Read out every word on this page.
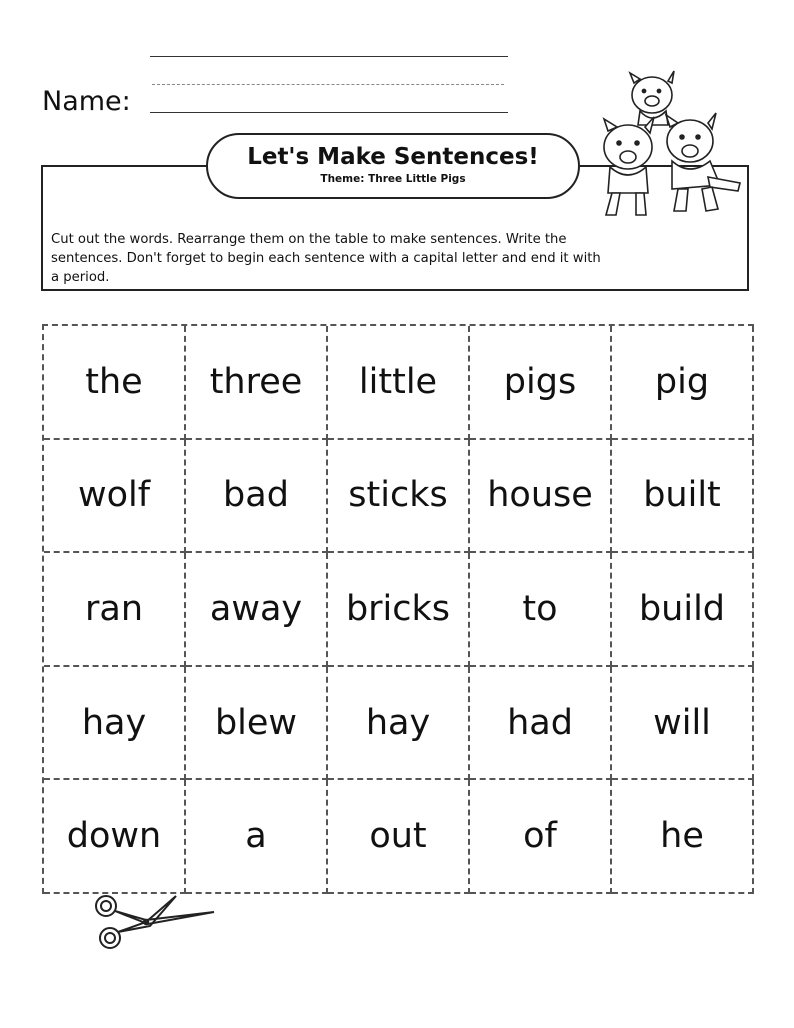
Name:
Let's Make Sentences!
Theme: Three Little Pigs
Cut out the words. Rearrange them on the table to make sentences. Write the sentences. Don't forget to begin each sentence with a capital letter and end it with a period.
the	three	little	pigs	pig
wolf	bad	sticks	house	built
ran	away	bricks	to	build
hay	blew	hay	had	will
down	a	out	of	he
